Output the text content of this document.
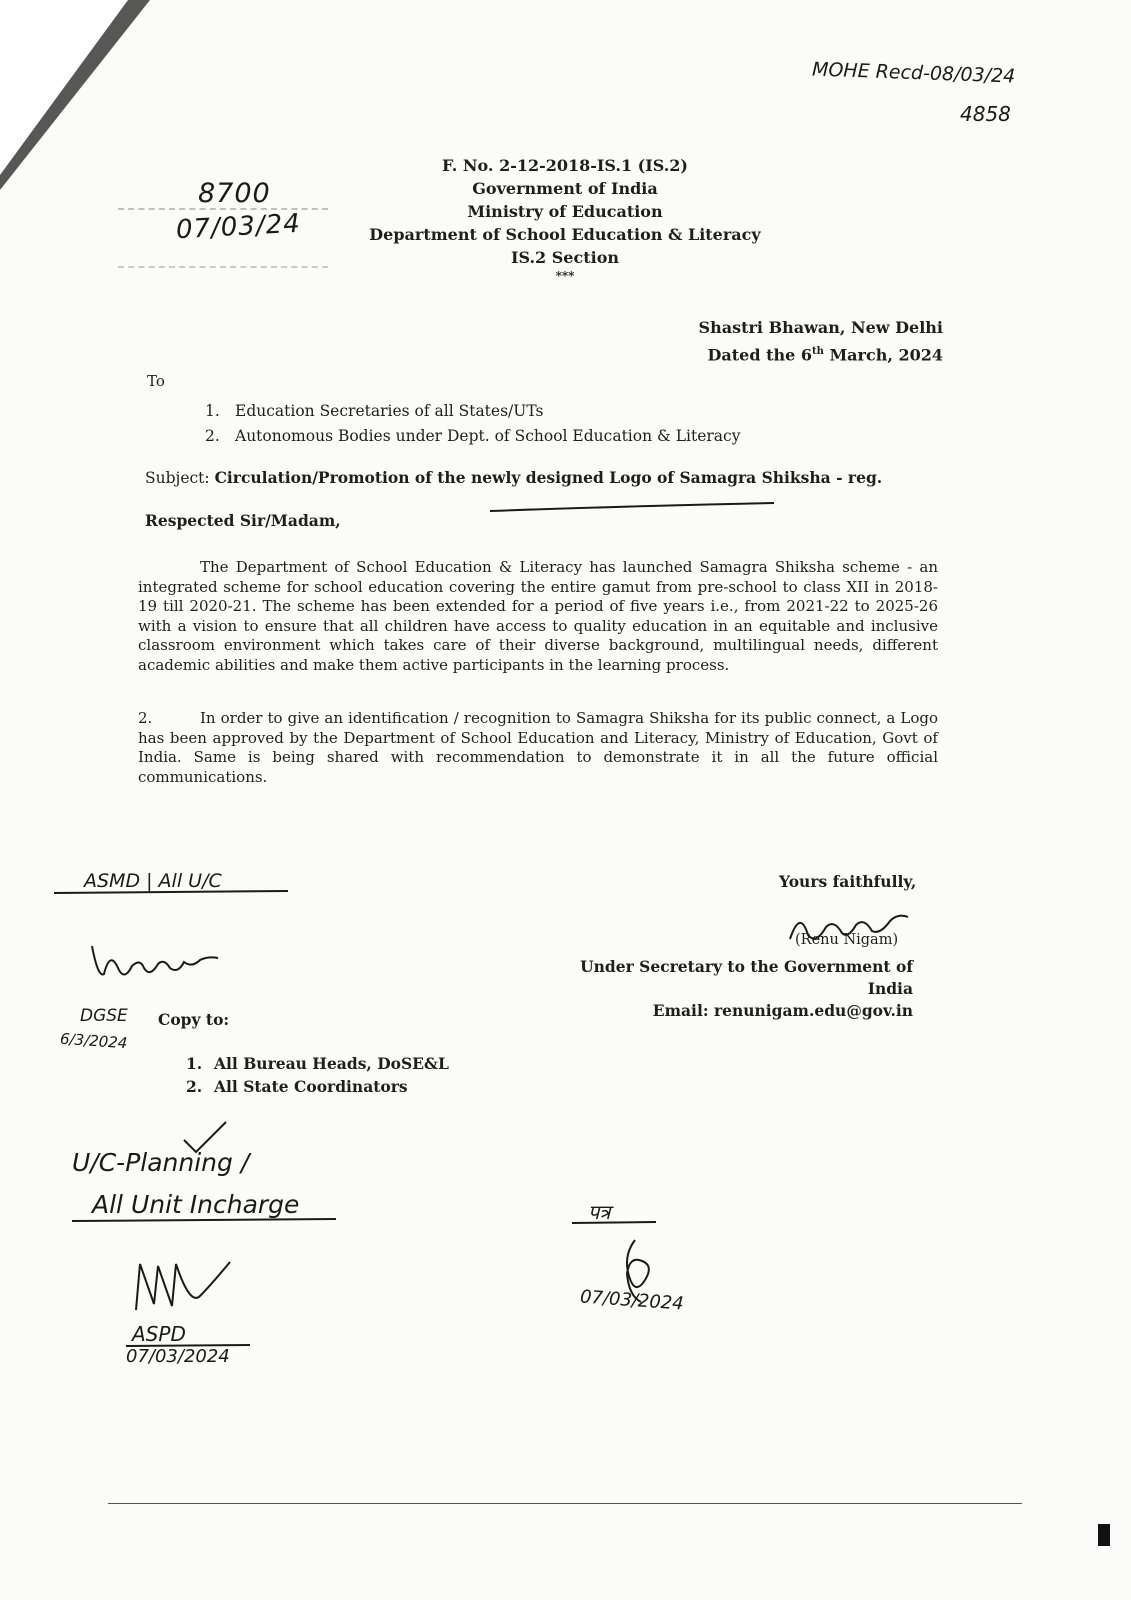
MOHE Recd-08/03/24
4858
8700
07/03/24
F. No. 2-12-2018-IS.1 (IS.2)
Government of India
Ministry of Education
Department of School Education & Literacy
IS.2 Section
***
Shastri Bhawan, New Delhi
Dated the 6th March, 2024
To
1. Education Secretaries of all States/UTs
2. Autonomous Bodies under Dept. of School Education & Literacy
Subject: Circulation/Promotion of the newly designed Logo of Samagra Shiksha - reg.
Respected Sir/Madam,
The Department of School Education & Literacy has launched Samagra Shiksha scheme - an integrated scheme for school education covering the entire gamut from pre-school to class XII in 2018-19 till 2020-21. The scheme has been extended for a period of five years i.e., from 2021-22 to 2025-26 with a vision to ensure that all children have access to quality education in an equitable and inclusive classroom environment which takes care of their diverse background, multilingual needs, different academic abilities and make them active participants in the learning process.
2.	In order to give an identification / recognition to Samagra Shiksha for its public connect, a Logo has been approved by the Department of School Education and Literacy, Ministry of Education, Govt of India. Same is being shared with recommendation to demonstrate it in all the future official communications.
ASMD | All U/C
DGSE
6/3/2024
Yours faithfully,
(Renu Nigam)
Under Secretary to the Government of India
Email: renunigam.edu@gov.in
Copy to:
1. All Bureau Heads, DoSE&L
2. All State Coordinators
U/C-Planning /
All Unit Incharge
ASPD
07/03/2024
पत्र
07/03/2024
